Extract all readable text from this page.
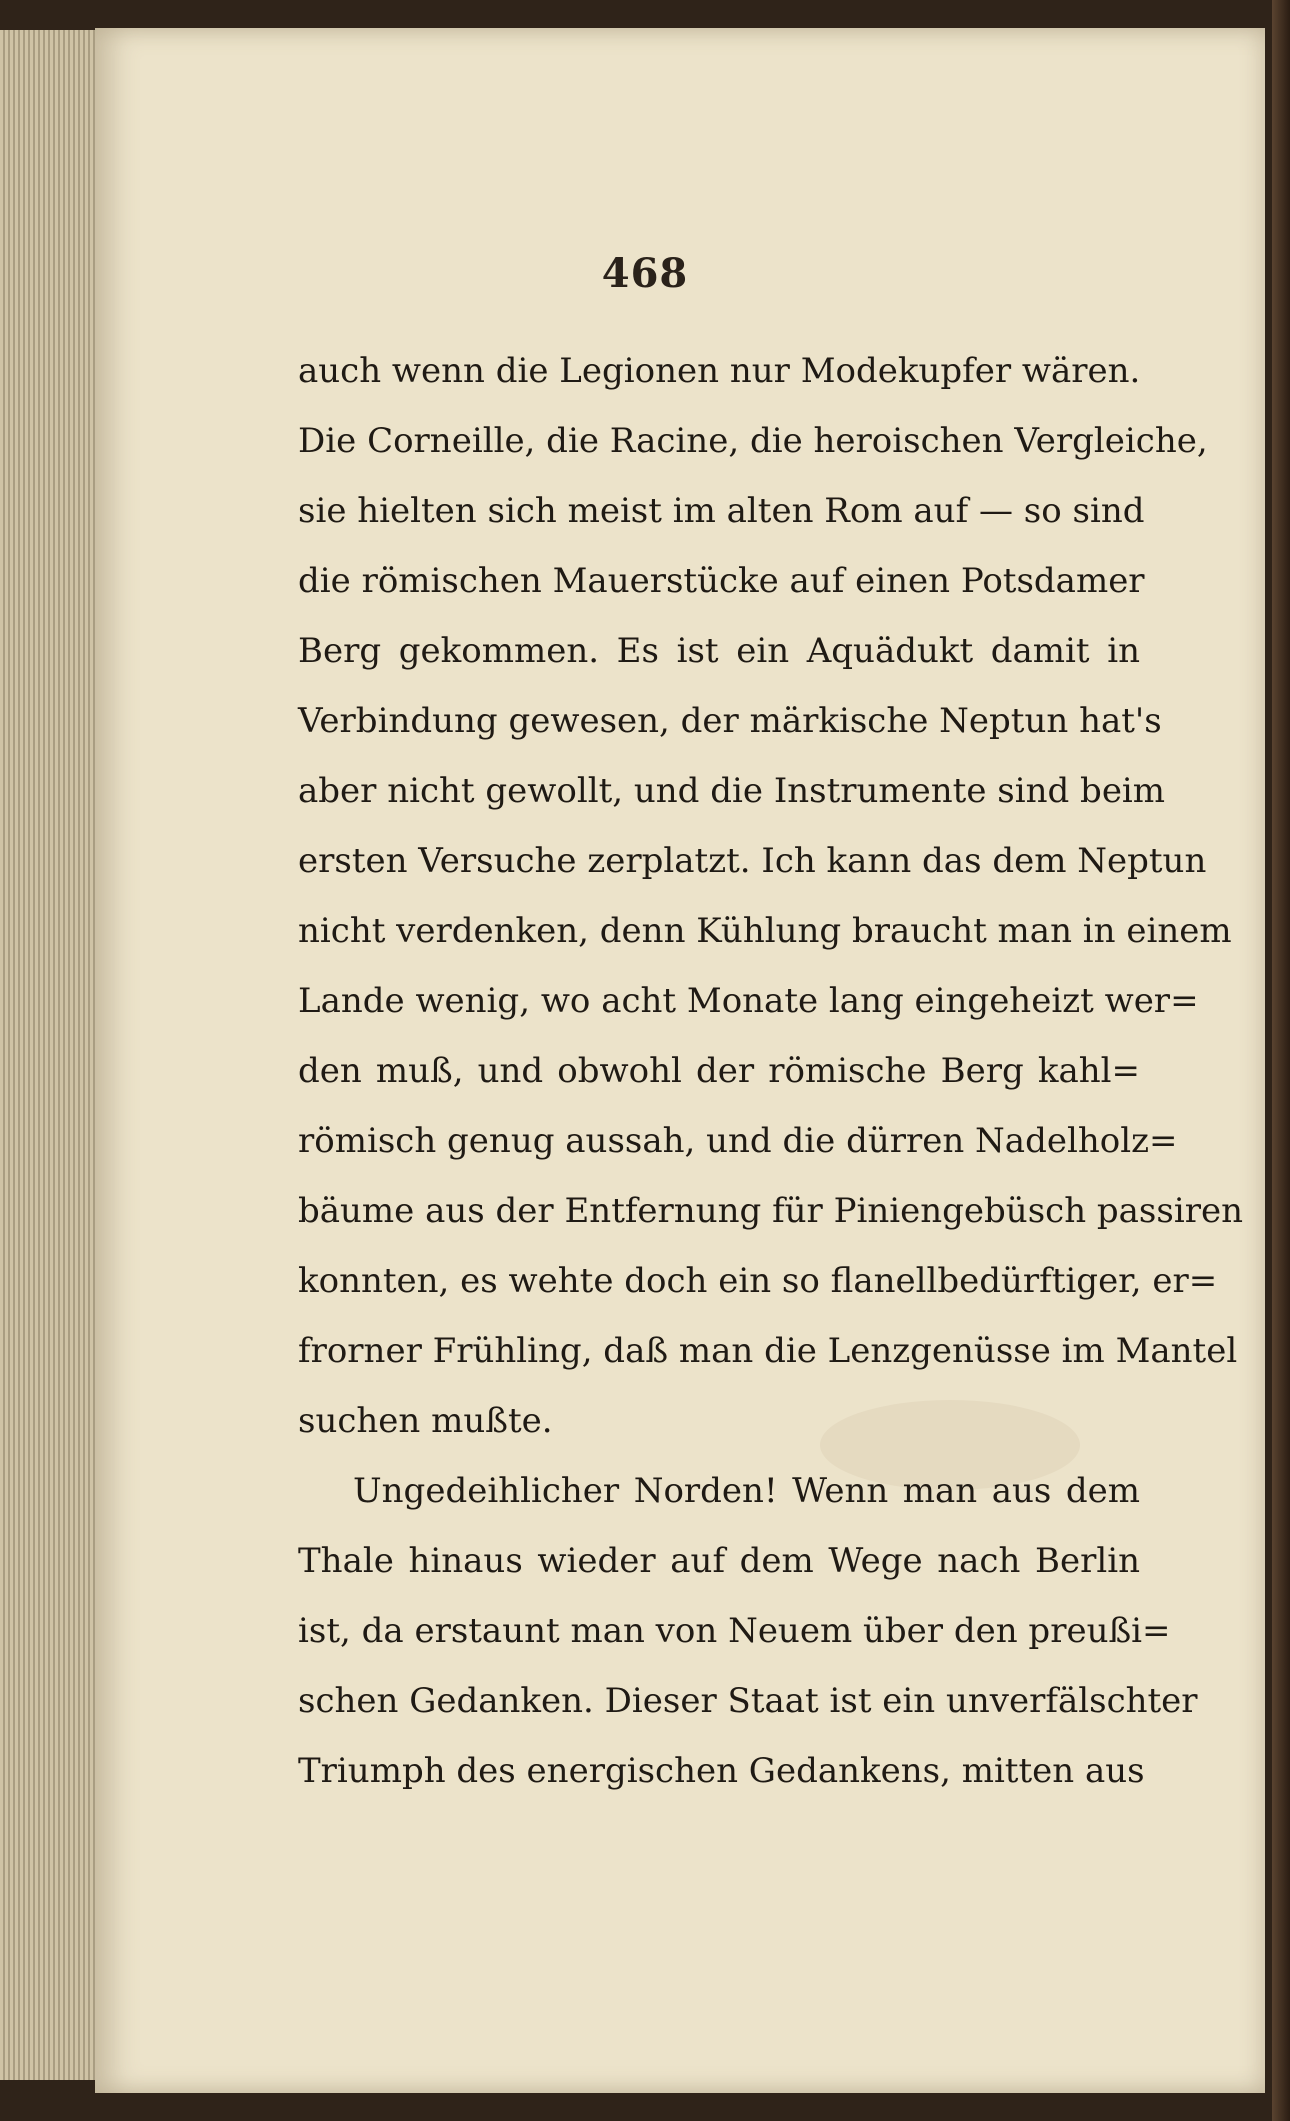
468
auch wenn die Legionen nur Modekupfer wären.
Die Corneille, die Racine, die heroischen Vergleiche,
sie hielten sich meist im alten Rom auf — so sind
die römischen Mauerstücke auf einen Potsdamer
Berg gekommen. Es ist ein Aquädukt damit in
Verbindung gewesen, der märkische Neptun hat's
aber nicht gewollt, und die Instrumente sind beim
ersten Versuche zerplatzt. Ich kann das dem Neptun
nicht verdenken, denn Kühlung braucht man in einem
Lande wenig, wo acht Monate lang eingeheizt wer=
den muß, und obwohl der römische Berg kahl=
römisch genug aussah, und die dürren Nadelholz=
bäume aus der Entfernung für Piniengebüsch passiren
konnten, es wehte doch ein so flanellbedürftiger, er=
frorner Frühling, daß man die Lenzgenüsse im Mantel
suchen mußte.
Ungedeihlicher Norden! Wenn man aus dem
Thale hinaus wieder auf dem Wege nach Berlin
ist, da erstaunt man von Neuem über den preußi=
schen Gedanken. Dieser Staat ist ein unverfälschter
Triumph des energischen Gedankens, mitten aus
